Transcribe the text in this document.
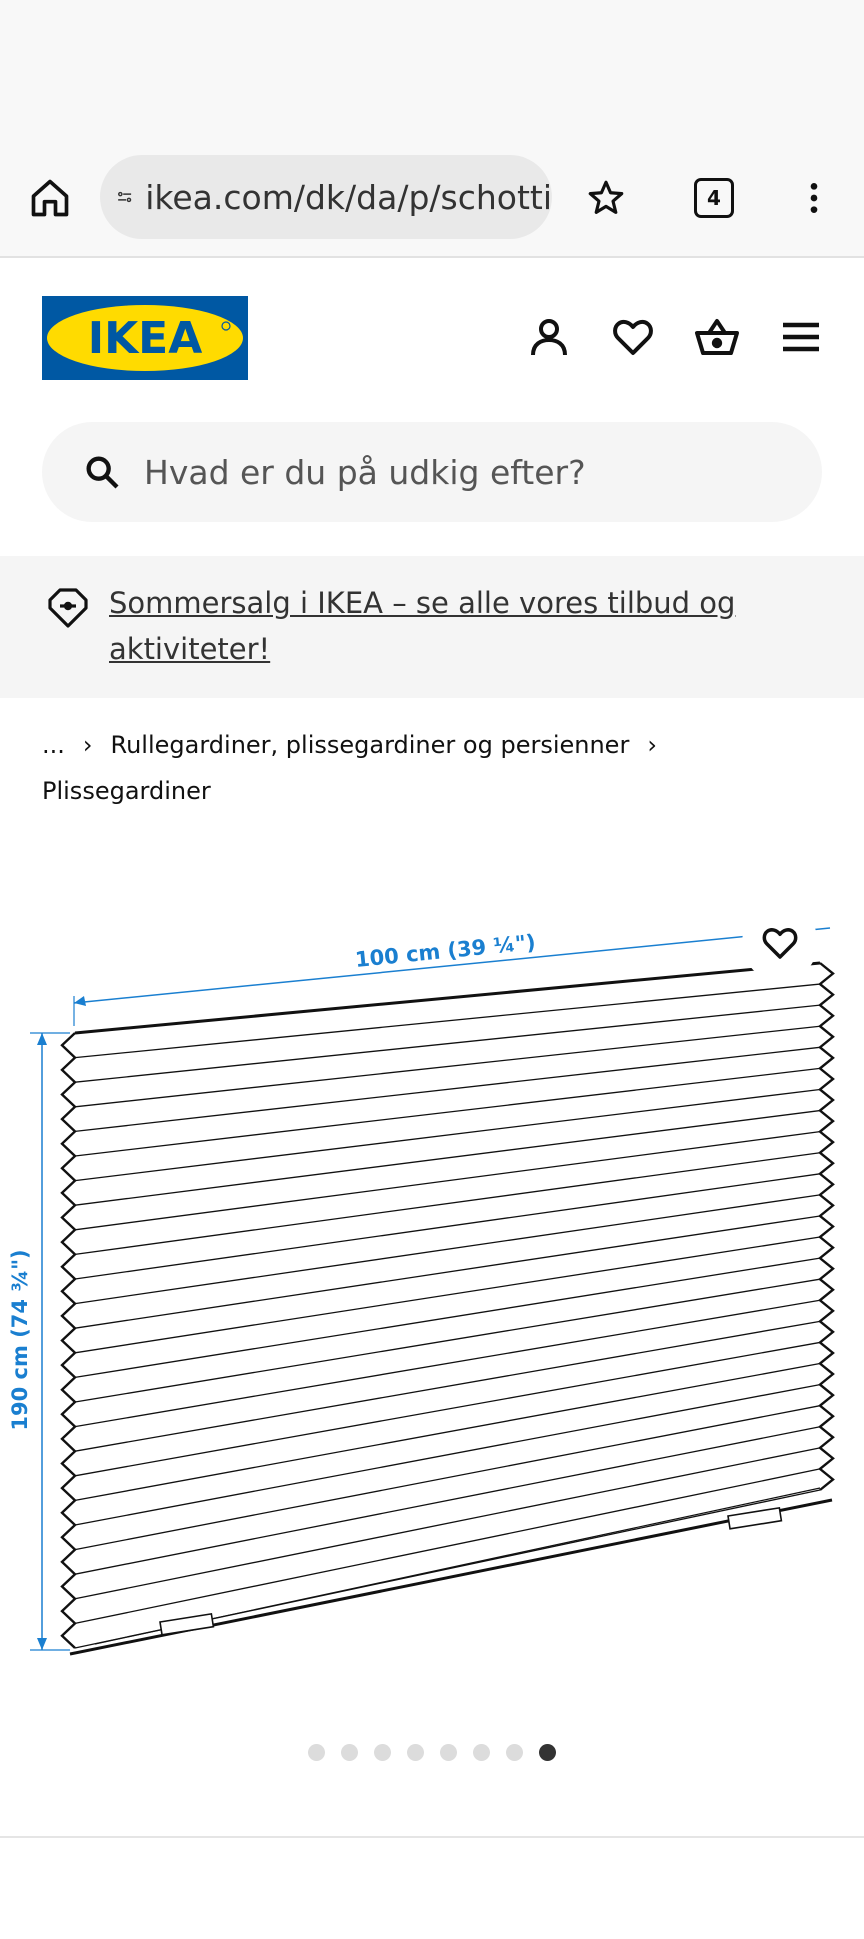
ikea.com/dk/da/p/schotti	4
IKEA
Hvad er du på udkig efter?
Sommersalg i IKEA – se alle vores tilbud og aktiviteter!
... › Rullegardiner, plissegardiner og persienner ›
Plissegardiner
100 cm (39 ¼")
190 cm (74 ¾")
